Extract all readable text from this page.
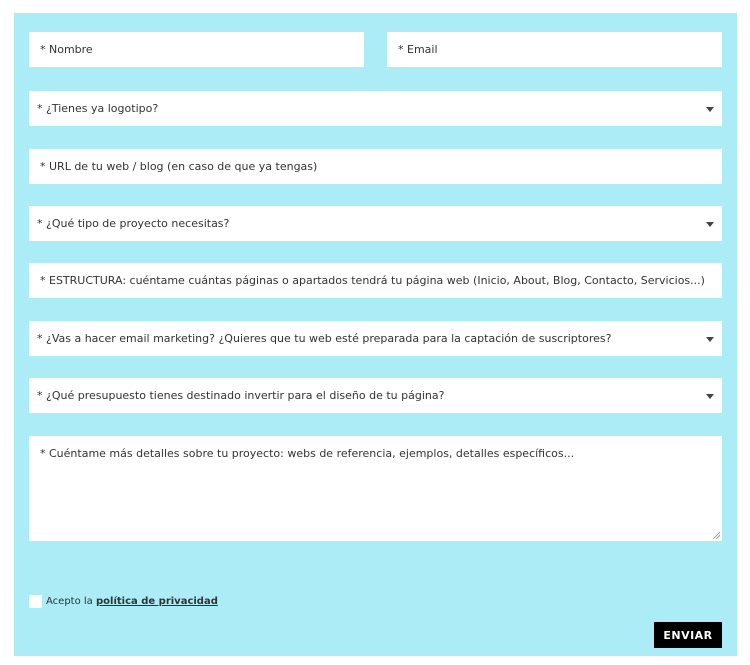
* Nombre	* Email
* ¿Tienes ya logotipo?
* URL de tu web / blog (en caso de que ya tengas)
* ¿Qué tipo de proyecto necesitas?
* ESTRUCTURA: cuéntame cuántas páginas o apartados tendrá tu página web (Inicio, About, Blog, Contacto, Servicios...)
* ¿Vas a hacer email marketing? ¿Quieres que tu web esté preparada para la captación de suscriptores?
* ¿Qué presupuesto tienes destinado invertir para el diseño de tu página?
* Cuéntame más detalles sobre tu proyecto: webs de referencia, ejemplos, detalles específicos...
Acepto la política de privacidad
ENVIAR
